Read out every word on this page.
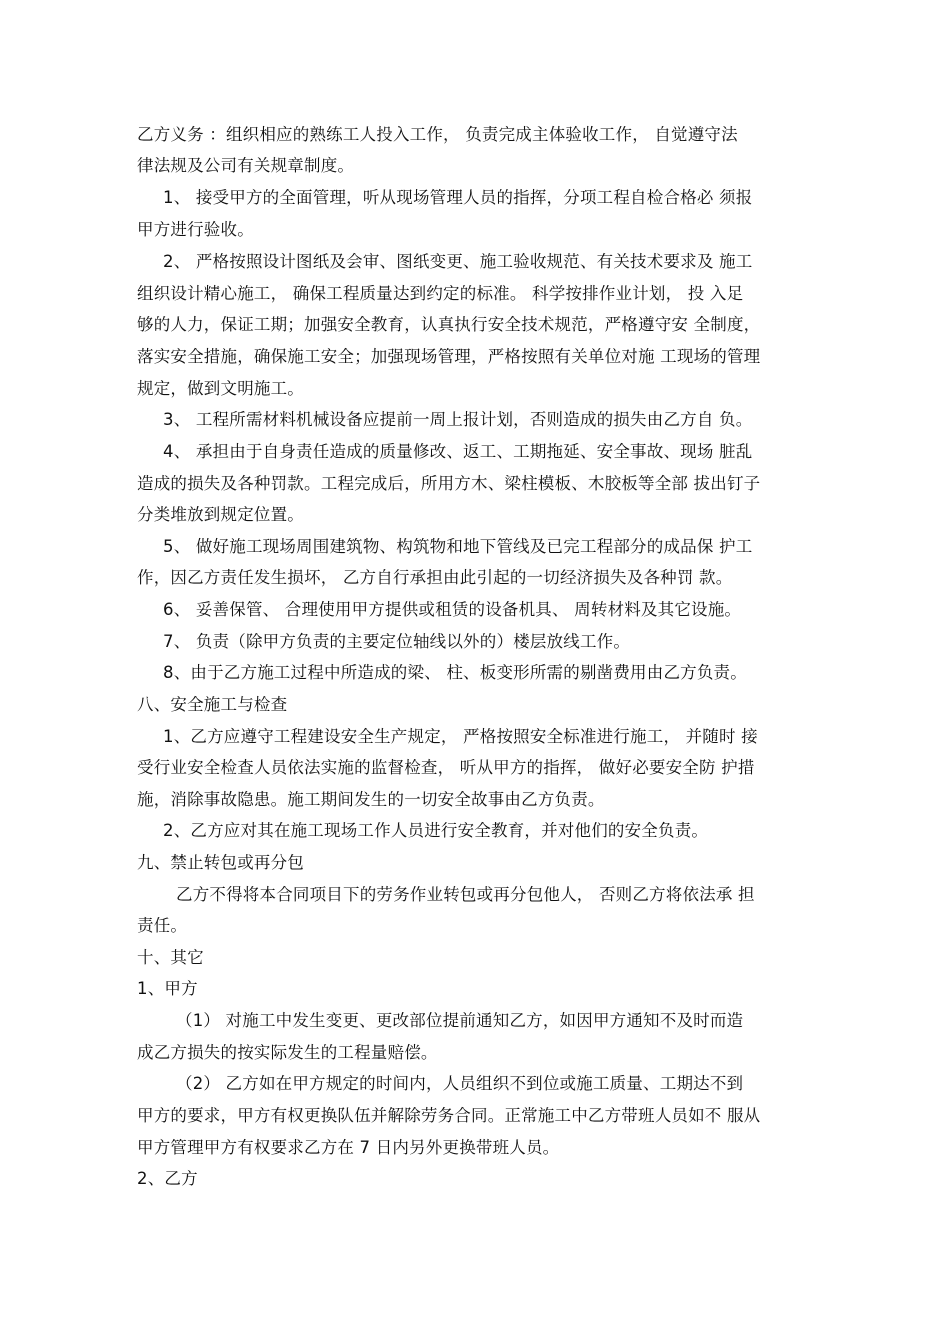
乙方义务 ：组织相应的熟练工人投入工作， 负责完成主体验收工作， 自觉遵守法
律法规及公司有关规章制度。
1、 接受甲方的全面管理，听从现场管理人员的指挥，分项工程自检合格必 须报
甲方进行验收。
2、 严格按照设计图纸及会审、图纸变更、施工验收规范、有关技术要求及 施工
组织设计精心施工， 确保工程质量达到约定的标准。 科学按排作业计划， 投 入足
够的人力，保证工期；加强安全教育，认真执行安全技术规范，严格遵守安 全制度，
落实安全措施，确保施工安全；加强现场管理，严格按照有关单位对施 工现场的管理
规定，做到文明施工。
3、 工程所需材料机械设备应提前一周上报计划，否则造成的损失由乙方自 负。
4、 承担由于自身责任造成的质量修改、返工、工期拖延、安全事故、现场 脏乱
造成的损失及各种罚款。工程完成后，所用方木、梁柱模板、木胶板等全部 拔出钉子
分类堆放到规定位置。
5、 做好施工现场周围建筑物、构筑物和地下管线及已完工程部分的成品保 护工
作，因乙方责任发生损坏， 乙方自行承担由此引起的一切经济损失及各种罚 款。
6、 妥善保管、 合理使用甲方提供或租赁的设备机具、 周转材料及其它设施。
7、 负责（除甲方负责的主要定位轴线以外的）楼层放线工作。
8、由于乙方施工过程中所造成的梁、 柱、板变形所需的剔凿费用由乙方负责。
八、安全施工与检查
1、乙方应遵守工程建设安全生产规定， 严格按照安全标准进行施工， 并随时 接
受行业安全检查人员依法实施的监督检查， 听从甲方的指挥， 做好必要安全防 护措
施，消除事故隐患。施工期间发生的一切安全故事由乙方负责。
2、乙方应对其在施工现场工作人员进行安全教育，并对他们的安全负责。
九、禁止转包或再分包
乙方不得将本合同项目下的劳务作业转包或再分包他人， 否则乙方将依法承 担
责任。
十、其它
1、甲方
（1） 对施工中发生变更、更改部位提前通知乙方，如因甲方通知不及时而造
成乙方损失的按实际发生的工程量赔偿。
（2） 乙方如在甲方规定的时间内，人员组织不到位或施工质量、工期达不到
甲方的要求，甲方有权更换队伍并解除劳务合同。正常施工中乙方带班人员如不 服从
甲方管理甲方有权要求乙方在 7 日内另外更换带班人员。
2、乙方
